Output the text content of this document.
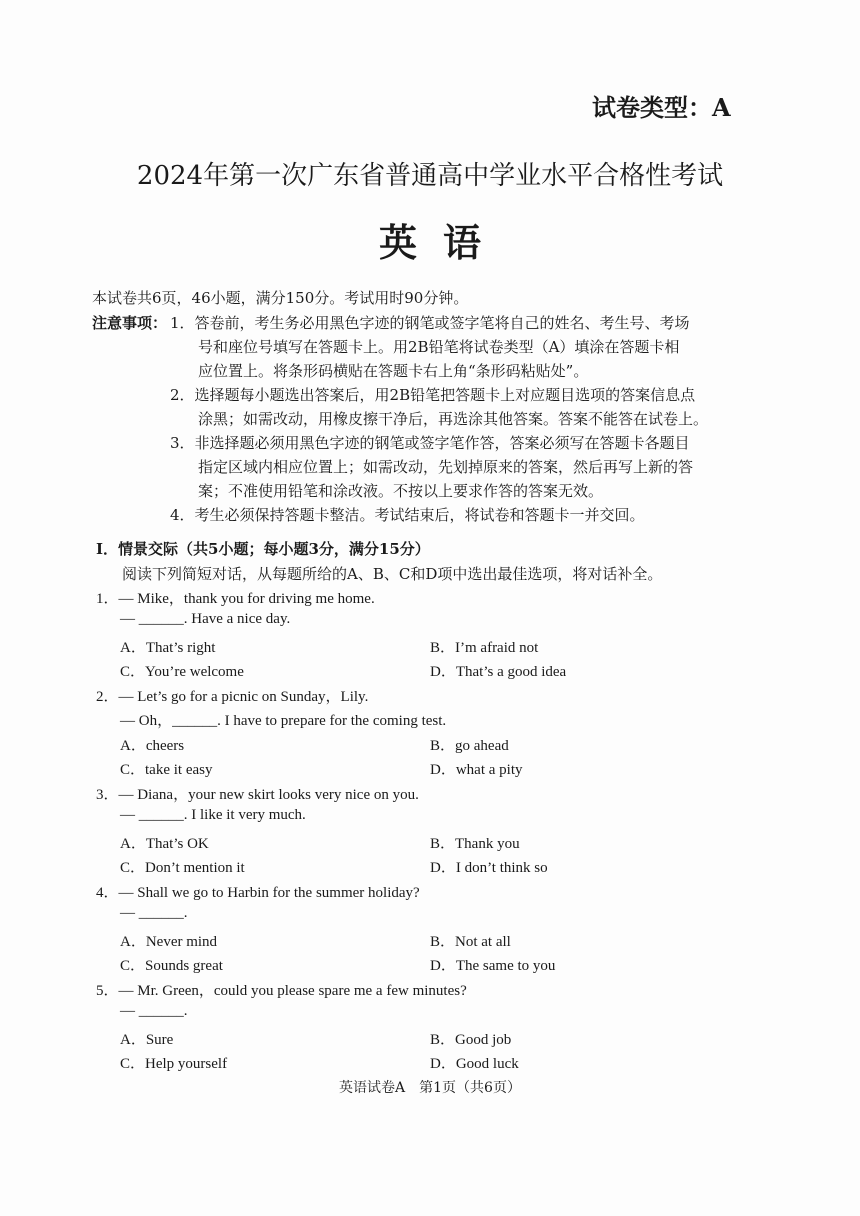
试卷类型：A
2024年第一次广东省普通高中学业水平合格性考试
英语
本试卷共6页，46小题，满分150分。考试用时90分钟。
注意事项： 1．答卷前，考生务必用黑色字迹的钢笔或签字笔将自己的姓名、考生号、考场
号和座位号填写在答题卡上。用2B铅笔将试卷类型（A）填涂在答题卡相
应位置上。将条形码横贴在答题卡右上角“条形码粘贴处”。
2．选择题每小题选出答案后，用2B铅笔把答题卡上对应题目选项的答案信息点
涂黑；如需改动，用橡皮擦干净后，再选涂其他答案。答案不能答在试卷上。
3．非选择题必须用黑色字迹的钢笔或签字笔作答，答案必须写在答题卡各题目
指定区域内相应位置上；如需改动，先划掉原来的答案，然后再写上新的答
案；不准使用铅笔和涂改液。不按以上要求作答的答案无效。
4．考生必须保持答题卡整洁。考试结束后，将试卷和答题卡一并交回。
Ⅰ．情景交际（共5小题；每小题3分，满分15分）
阅读下列简短对话，从每题所给的A、B、C和D项中选出最佳选项，将对话补全。
1．— Mike，thank you for driving me home.
— ______. Have a nice day.
A．That’s right	B．I’m afraid not
C．You’re welcome	D．That’s a good idea
2．— Let’s go for a picnic on Sunday，Lily.
— Oh，______. I have to prepare for the coming test.
A．cheers	B．go ahead
C．take it easy	D．what a pity
3．— Diana，your new skirt looks very nice on you.
— ______. I like it very much.
A．That’s OK	B．Thank you
C．Don’t mention it	D．I don’t think so
4．— Shall we go to Harbin for the summer holiday?
— ______.
A．Never mind	B．Not at all
C．Sounds great	D．The same to you
5．— Mr. Green，could you please spare me a few minutes?
— ______.
A．Sure	B．Good job
C．Help yourself	D．Good luck
英语试卷A　第1页（共6页）
